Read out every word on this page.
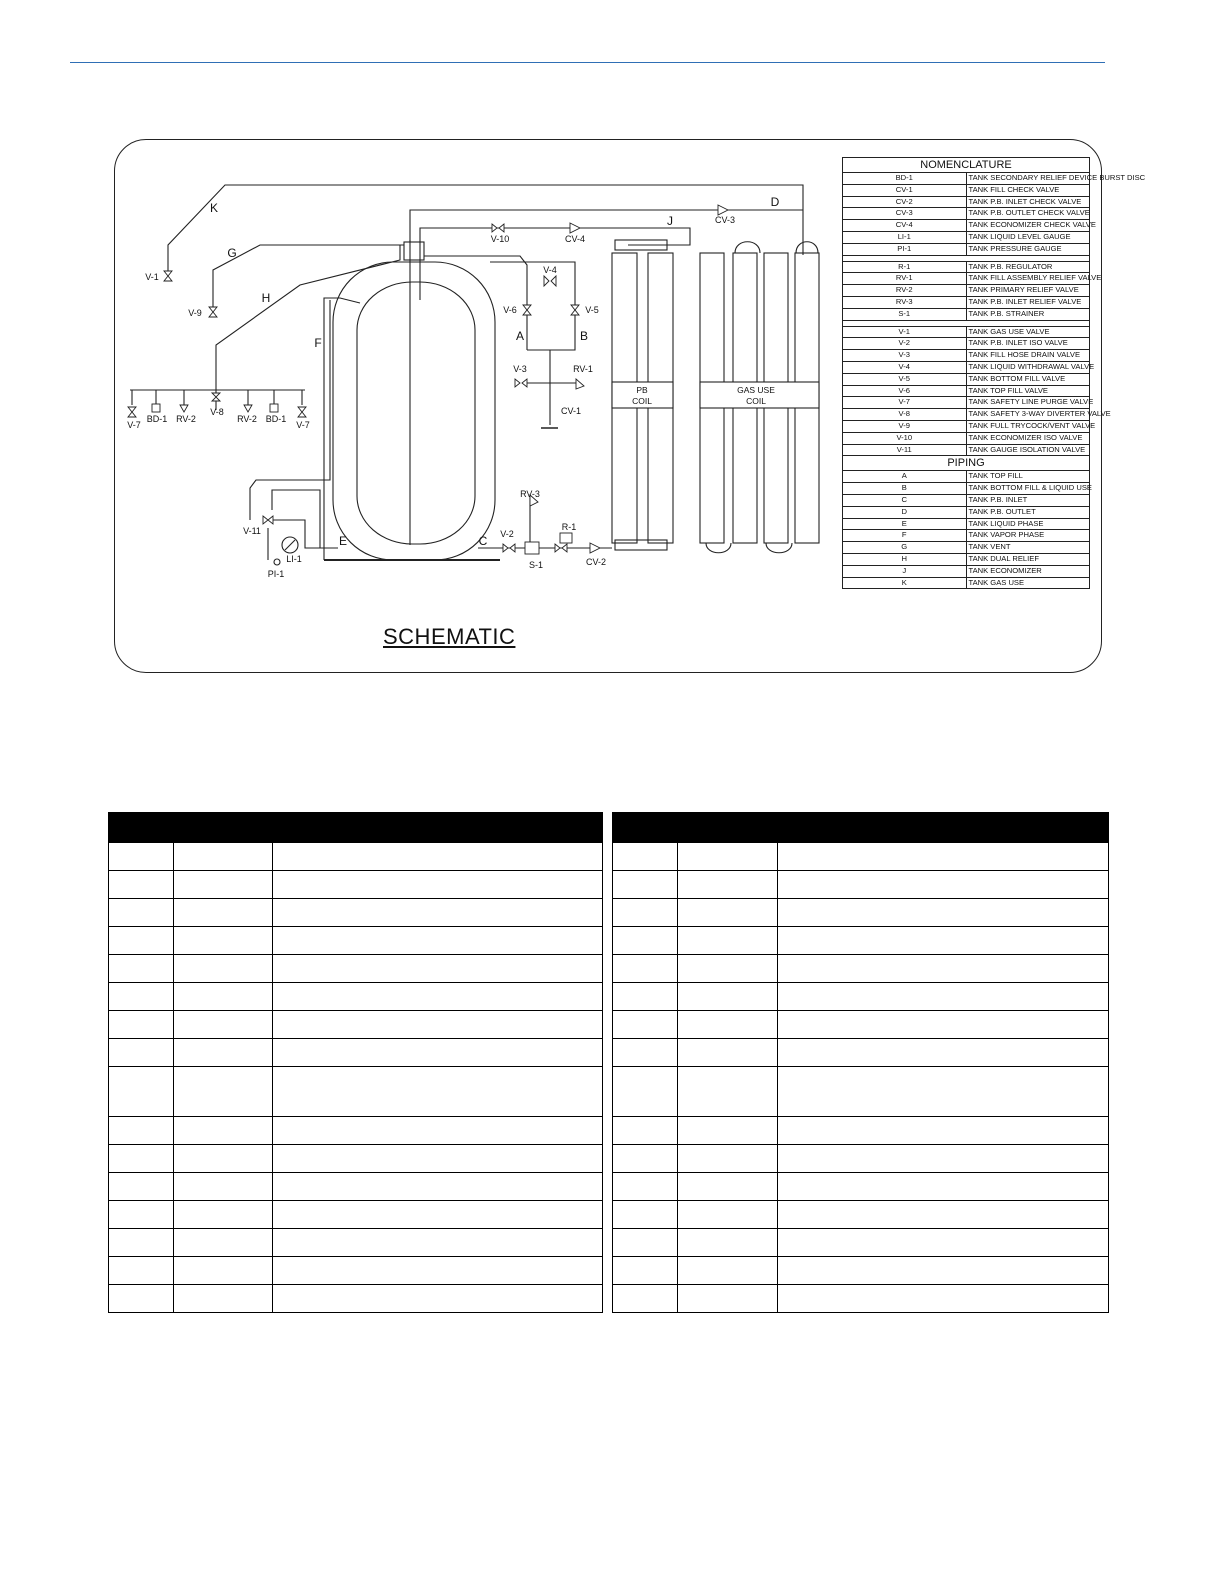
V-1
V-9
V-7
BD-1 RV-2
V-8
RV-2 BD-1
V-7
V-11
LI-1
PI-1
V-10	CV-4
CV-3
V-6	V-5
V-4
V-3	RV-1
CV-1
RV-3
V-2
S-1
R-1
CV-2
K
G
H
F
E	C
A	B
J
D
PB
COIL
GAS USE
COIL
NOMENCLATURE	
BD-1	TANK SECONDARY RELIEF DEVICE BURST DISC
CV-1	TANK FILL CHECK VALVE
CV-2	TANK P.B. INLET CHECK VALVE
CV-3	TANK P.B. OUTLET CHECK VALVE
CV-4	TANK ECONOMIZER CHECK VALVE
LI-1	TANK LIQUID LEVEL GAUGE
PI-1	TANK PRESSURE GAUGE

R-1	TANK P.B. REGULATOR
RV-1	TANK FILL ASSEMBLY RELIEF VALVE
RV-2	TANK PRIMARY RELIEF VALVE
RV-3	TANK P.B. INLET RELIEF VALVE
S-1	TANK P.B. STRAINER

V-1	TANK GAS USE VALVE
V-2	TANK P.B. INLET ISO VALVE
V-3	TANK FILL HOSE DRAIN VALVE
V-4	TANK LIQUID WITHDRAWAL VALVE
V-5	TANK BOTTOM FILL VALVE
V-6	TANK TOP FILL VALVE
V-7	TANK SAFETY LINE PURGE VALVE
V-8	TANK SAFETY 3-WAY DIVERTER VALVE
V-9	TANK FULL TRYCOCK/VENT VALVE
V-10	TANK ECONOMIZER ISO VALVE
V-11	TANK GAUGE ISOLATION VALVE
PIPING	
A	TANK TOP FILL
B	TANK BOTTOM FILL & LIQUID USE
C	TANK P.B. INLET
D	TANK P.B. OUTLET
E	TANK LIQUID PHASE
F	TANK VAPOR PHASE
G	TANK VENT
H	TANK DUAL RELIEF
J	TANK ECONOMIZER
K	TANK GAS USE
SCHEMATIC
